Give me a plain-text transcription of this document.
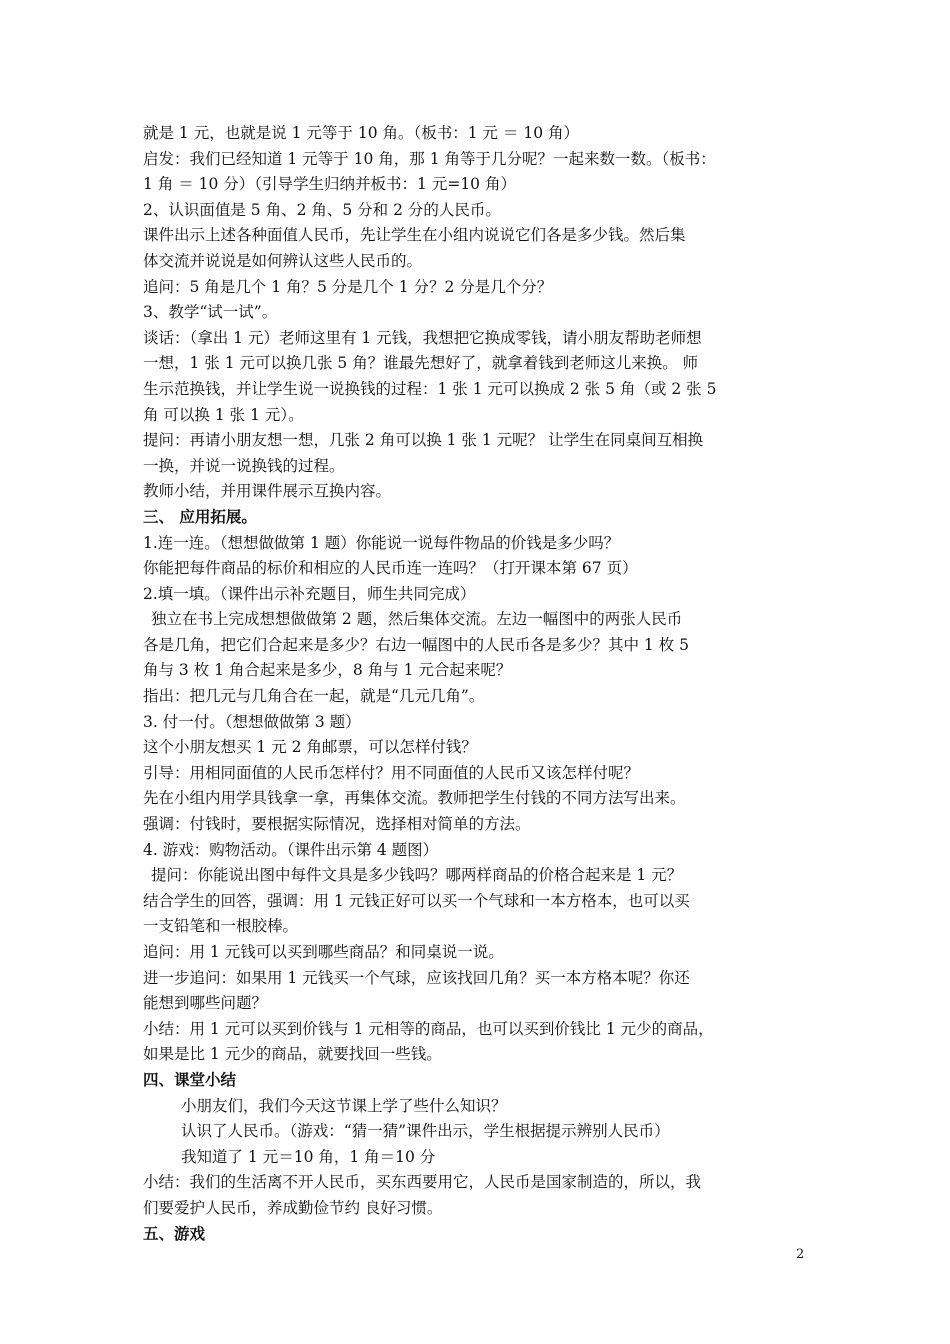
就是 1 元，也就是说 1 元等于 10 角。（板书：1 元 ＝ 10 角）
启发：我们已经知道 1 元等于 10 角，那 1 角等于几分呢？一起来数一数。（板书：
1 角 ＝ 10 分）（引导学生归纳并板书：1 元=10 角）
2、认识面值是 5 角、2 角、5 分和 2 分的人民币。
课件出示上述各种面值人民币，先让学生在小组内说说它们各是多少钱。然后集
体交流并说说是如何辨认这些人民币的。
追问：5 角是几个 1 角？5 分是几个 1 分？2 分是几个分？
3、教学“试一试”。
谈话：（拿出 1 元）老师这里有 1 元钱，我想把它换成零钱，请小朋友帮助老师想
一想，1 张 1 元可以换几张 5 角？谁最先想好了，就拿着钱到老师这儿来换。 师
生示范换钱，并让学生说一说换钱的过程：1 张 1 元可以换成 2 张 5 角（或 2 张 5
角 可以换 1 张 1 元）。
提问：再请小朋友想一想，几张 2 角可以换 1 张 1 元呢？ 让学生在同桌间互相换
一换，并说一说换钱的过程。
教师小结，并用课件展示互换内容。
三、 应用拓展。
1.连一连。（想想做做第 1 题）你能说一说每件物品的价钱是多少吗？
你能把每件商品的标价和相应的人民币连一连吗？（打开课本第 67 页）
2.填一填。（课件出示补充题目，师生共同完成）
独立在书上完成想想做做第 2 题，然后集体交流。左边一幅图中的两张人民币
各是几角，把它们合起来是多少？右边一幅图中的人民币各是多少？其中 1 枚 5
角与 3 枚 1 角合起来是多少，8 角与 1 元合起来呢？
指出：把几元与几角合在一起，就是“几元几角”。
3. 付一付。（想想做做第 3 题）
这个小朋友想买 1 元 2 角邮票，可以怎样付钱？
引导：用相同面值的人民币怎样付？用不同面值的人民币又该怎样付呢？
先在小组内用学具钱拿一拿，再集体交流。教师把学生付钱的不同方法写出来。
强调：付钱时，要根据实际情况，选择相对简单的方法。
4. 游戏：购物活动。（课件出示第 4 题图）
提问：你能说出图中每件文具是多少钱吗？哪两样商品的价格合起来是 1 元？
结合学生的回答，强调：用 1 元钱正好可以买一个气球和一本方格本，也可以买
一支铅笔和一根胶棒。
追问：用 1 元钱可以买到哪些商品？和同桌说一说。
进一步追问：如果用 1 元钱买一个气球，应该找回几角？买一本方格本呢？你还
能想到哪些问题？
小结：用 1 元可以买到价钱与 1 元相等的商品，也可以买到价钱比 1 元少的商品，
如果是比 1 元少的商品，就要找回一些钱。
四、课堂小结
小朋友们，我们今天这节课上学了些什么知识？
认识了人民币。（游戏：“猜一猜”课件出示，学生根据提示辨别人民币）
我知道了 1 元＝10 角，1 角＝10 分
小结：我们的生活离不开人民币，买东西要用它，人民币是国家制造的，所以，我
们要爱护人民币，养成勤俭节约 良好习惯。
五、游戏
2
